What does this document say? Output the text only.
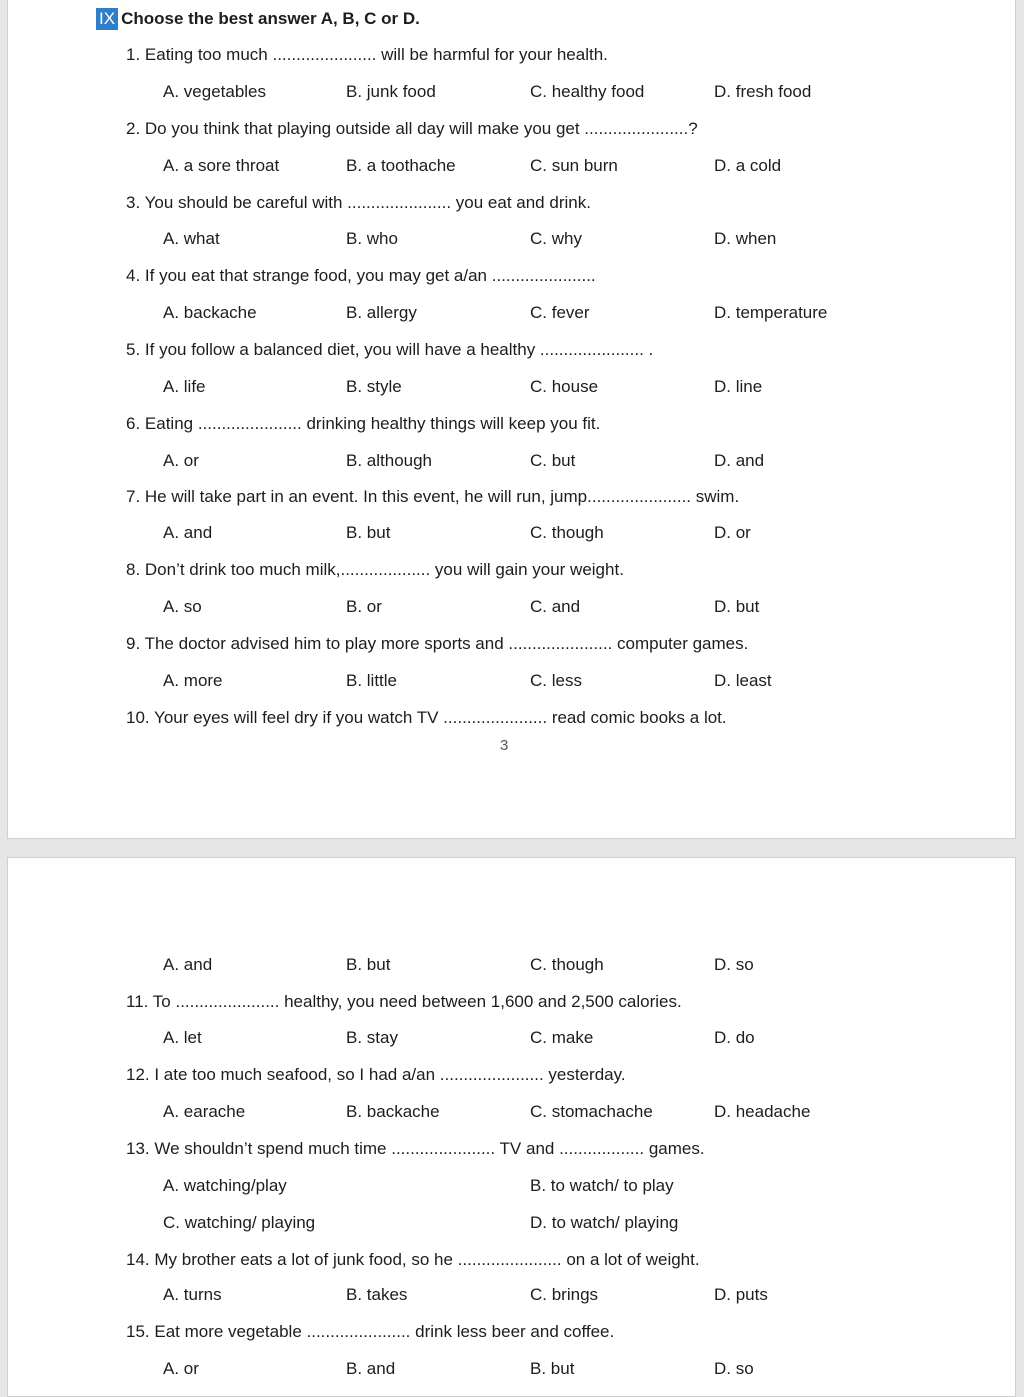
IX Choose the best answer A, B, C or D.
1. Eating too much ...................... will be harmful for your health.
A. vegetables	B. junk food	C. healthy food	D. fresh food
2. Do you think that playing outside all day will make you get ......................?
A. a sore throat	B. a toothache	C. sun burn	D. a cold
3. You should be careful with ...................... you eat and drink.
A. what	B. who	C. why	D. when
4. If you eat that strange food, you may get a/an ......................
A. backache	B. allergy	C. fever	D. temperature
5. If you follow a balanced diet, you will have a healthy ...................... .
A. life	B. style	C. house	D. line
6. Eating ...................... drinking healthy things will keep you fit.
A. or	B. although	C. but	D. and
7. He will take part in an event. In this event, he will run, jump...................... swim.
A. and	B. but	C. though	D. or
8. Don’t drink too much milk,................... you will gain your weight.
A. so	B. or	C. and	D. but
9. The doctor advised him to play more sports and ...................... computer games.
A. more	B. little	C. less	D. least
10. Your eyes will feel dry if you watch TV ...................... read comic books a lot.
3
A. and	B. but	C. though	D. so
11. To ...................... healthy, you need between 1,600 and 2,500 calories.
A. let	B. stay	C. make	D. do
12. I ate too much seafood, so I had a/an ...................... yesterday.
A. earache	B. backache	C. stomachache	D. headache
13. We shouldn’t spend much time ...................... TV and .................. games.
A. watching/play	B. to watch/ to play
C. watching/ playing	D. to watch/ playing
14. My brother eats a lot of junk food, so he ...................... on a lot of weight.
A. turns	B. takes	C. brings	D. puts
15. Eat more vegetable ...................... drink less beer and coffee.
A. or	B. and	B. but	D. so
